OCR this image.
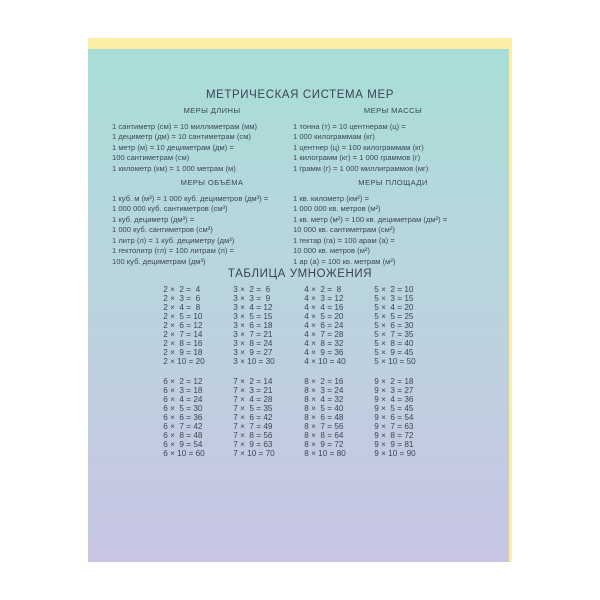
МЕТРИЧЕСКАЯ СИСТЕМА МЕР
МЕРЫ ДЛИНЫ
1 сантиметр (см) = 10 миллиметрам (мм)
1 дециметр (дм) = 10 сантиметрам (см)
1 метр (м) = 10 дециметрам (дм) =
100 сантиметрам (см)
1 километр (км) = 1 000 метрам (м)
МЕРЫ МАССЫ
1 тонна (т) = 10 центнерам (ц) =
1 000 килограммам (кг)
1 центнер (ц) = 100 килограммам (кг)
1 килограмм (кг) = 1 000 граммов (г)
1 грамм (г) = 1 000 миллиграммов (мг)
МЕРЫ ОБЪЁМА
1 куб. м (м³) = 1 000 куб. дециметров (дм³) =
1 000 000 куб. сантиметров (см³)
1 куб. дециметр (дм³) =
1 000 куб. сантиметров (см³)
1 литр (л) = 1 куб. дециметру (дм³)
1 гектолитр (гл) = 100 литрам (л) =
100 куб. дециметрам (дм³)
МЕРЫ ПЛОЩАДИ
1 кв. километр (км²) =
1 000 000 кв. метров (м²)
1 кв. метр (м²) = 100 кв. дециметрам (дм²) =
10 000 кв. сантиметрам (см²)
1 гектар (га) = 100 арам (а) =
10 000 кв. метров (м²)
1 ар (а) = 100 кв. метрам (м²)
ТАБЛИЦА УМНОЖЕНИЯ
2 ×  2 =  4
2 ×  3 =  6
2 ×  4 =  8
2 ×  5 = 10
2 ×  6 = 12
2 ×  7 = 14
2 ×  8 = 16
2 ×  9 = 18
2 × 10 = 20
6 ×  2 = 12
6 ×  3 = 18
6 ×  4 = 24
6 ×  5 = 30
6 ×  6 = 36
6 ×  7 = 42
6 ×  8 = 48
6 ×  9 = 54
6 × 10 = 60
3 ×  2 =  6
3 ×  3 =  9
3 ×  4 = 12
3 ×  5 = 15
3 ×  6 = 18
3 ×  7 = 21
3 ×  8 = 24
3 ×  9 = 27
3 × 10 = 30
7 ×  2 = 14
7 ×  3 = 21
7 ×  4 = 28
7 ×  5 = 35
7 ×  6 = 42
7 ×  7 = 49
7 ×  8 = 56
7 ×  9 = 63
7 × 10 = 70
4 ×  2 =  8
4 ×  3 = 12
4 ×  4 = 16
4 ×  5 = 20
4 ×  6 = 24
4 ×  7 = 28
4 ×  8 = 32
4 ×  9 = 36
4 × 10 = 40
8 ×  2 = 16
8 ×  3 = 24
8 ×  4 = 32
8 ×  5 = 40
8 ×  6 = 48
8 ×  7 = 56
8 ×  8 = 64
8 ×  9 = 72
8 × 10 = 80
5 ×  2 = 10
5 ×  3 = 15
5 ×  4 = 20
5 ×  5 = 25
5 ×  6 = 30
5 ×  7 = 35
5 ×  8 = 40
5 ×  9 = 45
5 × 10 = 50
9 ×  2 = 18
9 ×  3 = 27
9 ×  4 = 36
9 ×  5 = 45
9 ×  6 = 54
9 ×  7 = 63
9 ×  8 = 72
9 ×  9 = 81
9 × 10 = 90
